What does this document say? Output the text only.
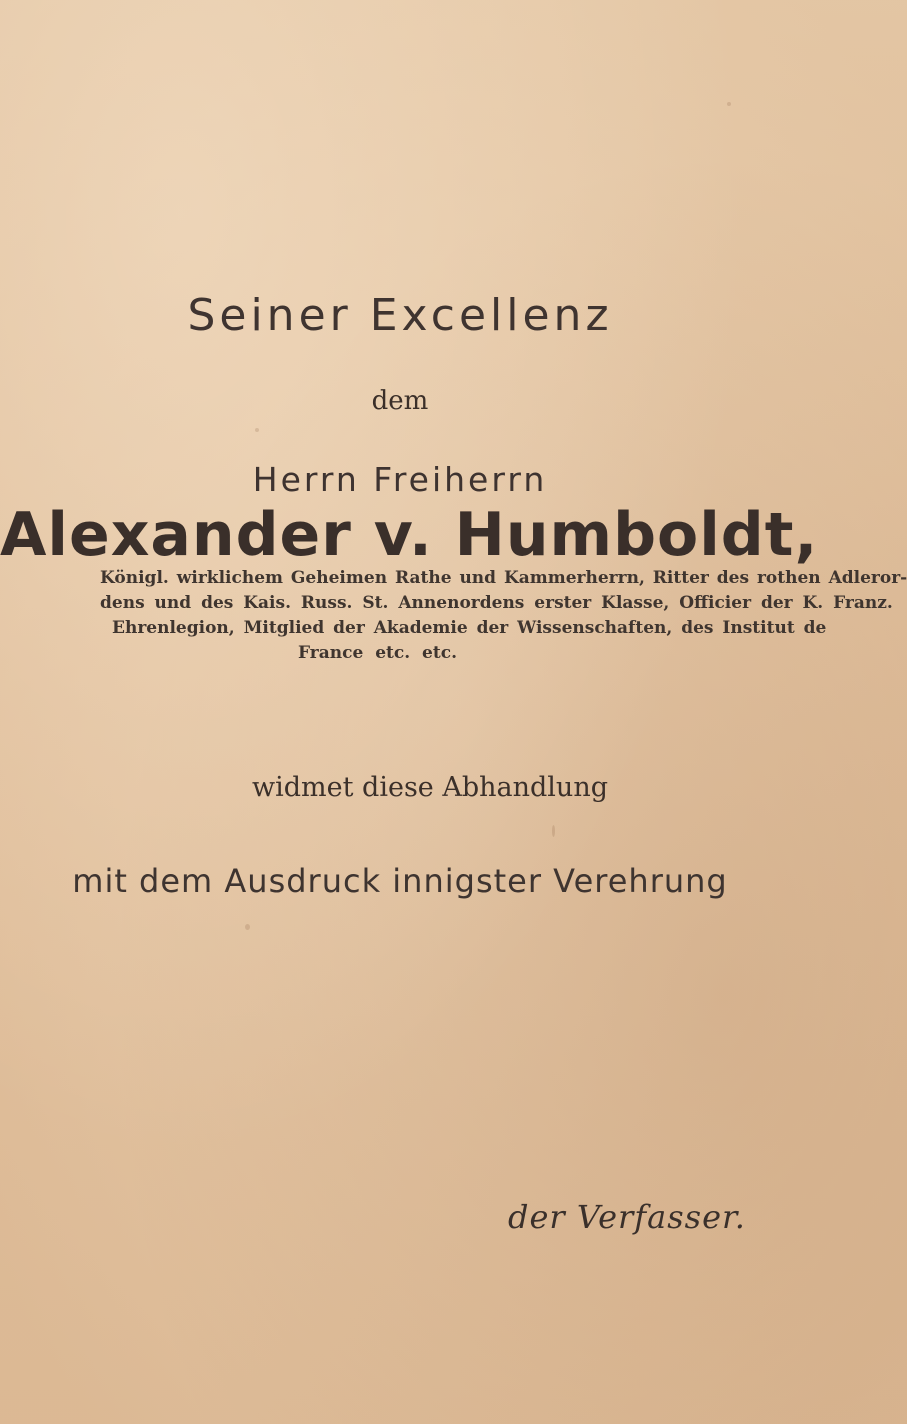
Seiner Excellenz
dem
Herrn Freiherrn
Alexander v. Humboldt,
Königl. wirklichem Geheimen Rathe und Kammerherrn, Ritter des rothen Adleror-
dens und des Kais. Russ. St. Annenordens erster Klasse, Officier der K. Franz.
Ehrenlegion, Mitglied der Akademie der Wissenschaften, des Institut de
France etc. etc.
widmet diese Abhandlung
mit dem Ausdruck innigster Verehrung
der Verfasser.
